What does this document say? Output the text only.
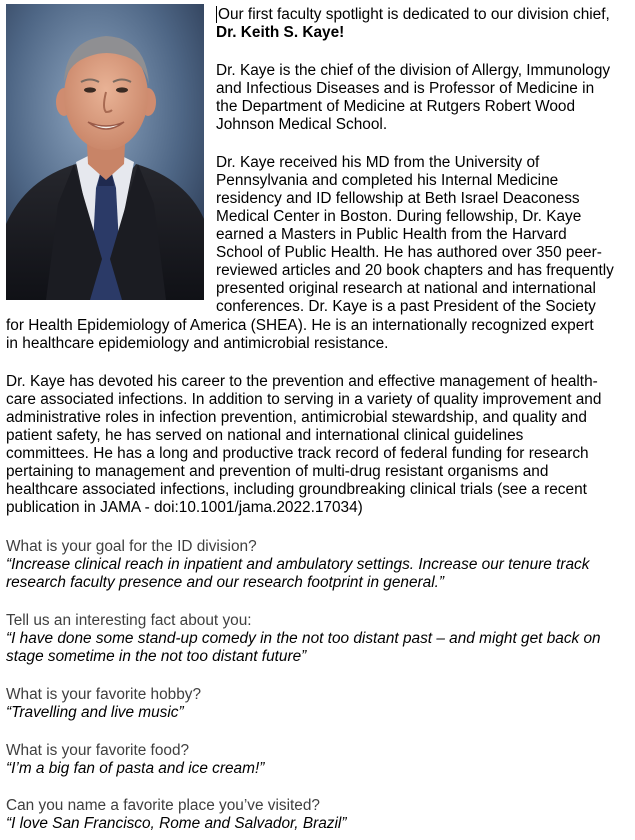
Our first faculty spotlight is dedicated to our division chief,
Dr. Keith S. Kaye!
Dr. Kaye is the chief of the division of Allergy, Immunology
and Infectious Diseases and is Professor of Medicine in
the Department of Medicine at Rutgers Robert Wood
Johnson Medical School.
Dr. Kaye received his MD from the University of
Pennsylvania and completed his Internal Medicine
residency and ID fellowship at Beth Israel Deaconess
Medical Center in Boston. During fellowship, Dr. Kaye
earned a Masters in Public Health from the Harvard
School of Public Health. He has authored over 350 peer-
reviewed articles and 20 book chapters and has frequently
presented original research at national and international
conferences. Dr. Kaye is a past President of the Society
for Health Epidemiology of America (SHEA). He is an internationally recognized expert
in healthcare epidemiology and antimicrobial resistance.
Dr. Kaye has devoted his career to the prevention and effective management of health-
care associated infections. In addition to serving in a variety of quality improvement and
administrative roles in infection prevention, antimicrobial stewardship, and quality and
patient safety, he has served on national and international clinical guidelines
committees. He has a long and productive track record of federal funding for research
pertaining to management and prevention of multi-drug resistant organisms and
healthcare associated infections, including groundbreaking clinical trials (see a recent
publication in JAMA - doi:10.1001/jama.2022.17034)
What is your goal for the ID division?
“Increase clinical reach in inpatient and ambulatory settings. Increase our tenure track
research faculty presence and our research footprint in general.”
Tell us an interesting fact about you:
“I have done some stand-up comedy in the not too distant past – and might get back on
stage sometime in the not too distant future”
What is your favorite hobby?
“Travelling and live music”
What is your favorite food?
“I’m a big fan of pasta and ice cream!”
Can you name a favorite place you’ve visited?
“I love San Francisco, Rome and Salvador, Brazil”
